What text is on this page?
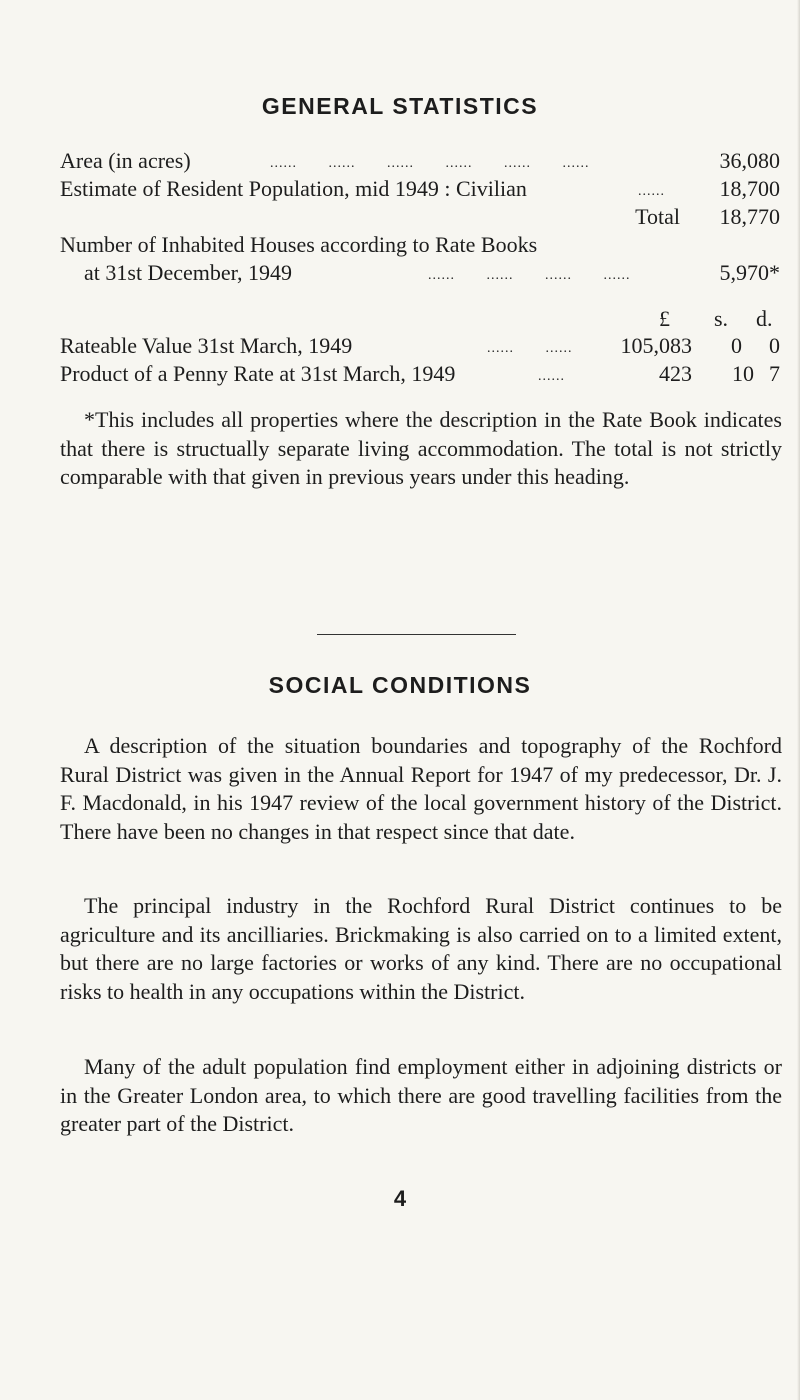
GENERAL STATISTICS
Area (in acres)	...... ...... ...... ...... ...... ......	36,080
Estimate of Resident Population, mid 1949 : Civilian	...... 18,700
Total 18,770
Number of Inhabited Houses according to Rate Books
at 31st December, 1949	...... ...... ...... ......	5,970*
£ s. d.
Rateable Value 31st March, 1949	...... ...... 105,083 0 0
Product of a Penny Rate at 31st March, 1949	......	423 10 7
*This includes all properties where the description in the Rate Book indicates that there is structually separate living accommodation. The total is not strictly comparable with that given in previous years under this heading.
SOCIAL CONDITIONS
A description of the situation boundaries and topography of the Rochford Rural District was given in the Annual Report for 1947 of my predecessor, Dr. J. F. Macdonald, in his 1947 review of the local government history of the District. There have been no changes in that respect since that date.
The principal industry in the Rochford Rural District continues to be agriculture and its ancilliaries. Brickmaking is also carried on to a limited extent, but there are no large factories or works of any kind. There are no occupational risks to health in any occupations within the District.
Many of the adult population find employment either in adjoining districts or in the Greater London area, to which there are good travelling facilities from the greater part of the District.
4
